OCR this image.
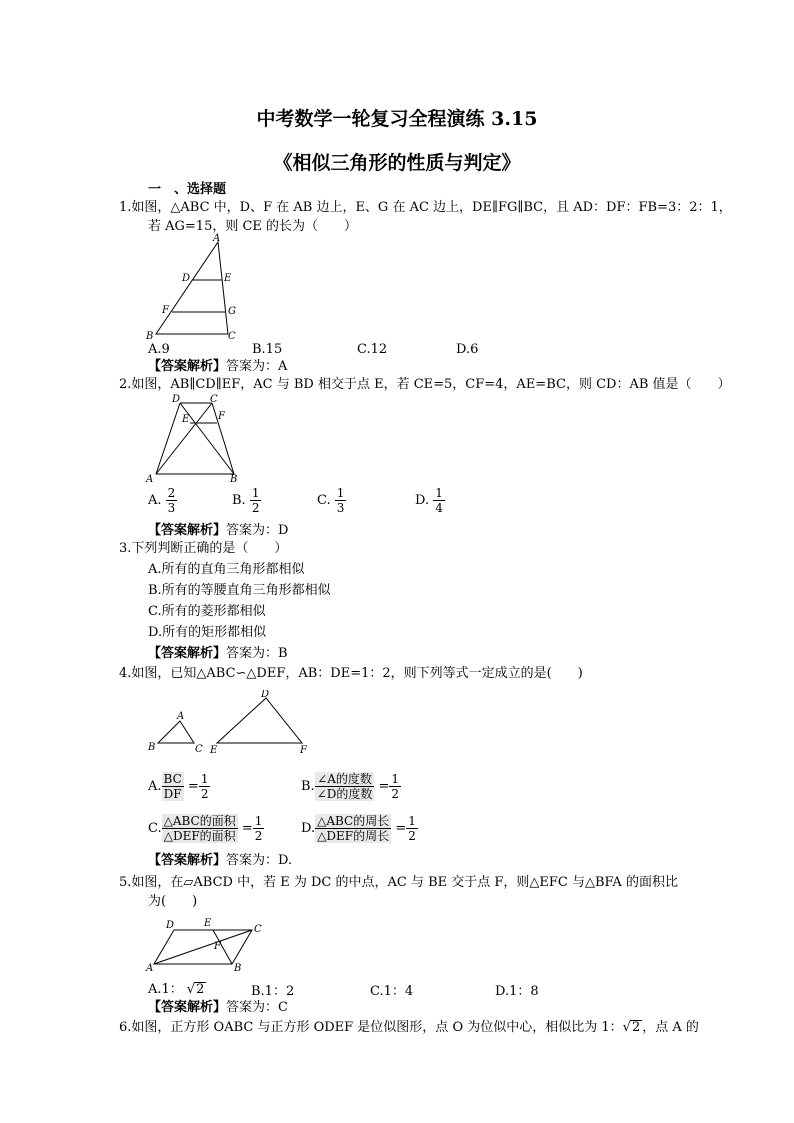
中考数学一轮复习全程演练 3.15
《相似三角形的性质与判定》
一　、选择题
1.如图，△ABC 中，D、F 在 AB 边上，E、G 在 AC 边上，DE∥FG∥BC，且 AD：DF：FB=3：2：1，
若 AG=15，则 CE 的长为（　　）
A
D	E
F	G
B	C
A.9	B.15	C.12	D.6
【答案解析】答案为：A
2.如图，AB∥CD∥EF，AC 与 BD 相交于点 E，若 CE=5，CF=4，AE=BC，则 CD：AB 值是（　　）
D	C
E	F
A	B
A. $\frac{2}{3}$	B. $\frac{1}{2}$	C. $\frac{1}{3}$	D. $\frac{1}{4}$
【答案解析】答案为：D
3.下列判断正确的是（　　）
A.所有的直角三角形都相似
B.所有的等腰直角三角形都相似
C.所有的菱形都相似
D.所有的矩形都相似
【答案解析】答案为：B
4.如图，已知△ABC∽△DEF，AB：DE=1：2，则下列等式一定成立的是(　　)
A
B	C
D
E	F
A. $\frac{BC}{DF} = \frac{1}{2}$	B. $\frac{\text{∠A的度数}}{\text{∠D的度数}} = \frac{1}{2}$
C. $\frac{\text{△ABC的面积}}{\text{△DEF的面积}} = \frac{1}{2}$	D. $\frac{\text{△ABC的周长}}{\text{△DEF的周长}} = \frac{1}{2}$
【答案解析】答案为：D.
5.如图，在▱ABCD 中，若 E 为 DC 的中点，AC 与 BE 交于点 F，则△EFC 与△BFA 的面积比
为(　　)
D	E
C
F
A	B
A.1： √2	B.1：2	C.1：4	D.1：8
【答案解析】答案为：C
6.如图，正方形 OABC 与正方形 ODEF 是位似图形，点 O 为位似中心，相似比为 1：√2 ，点 A 的
